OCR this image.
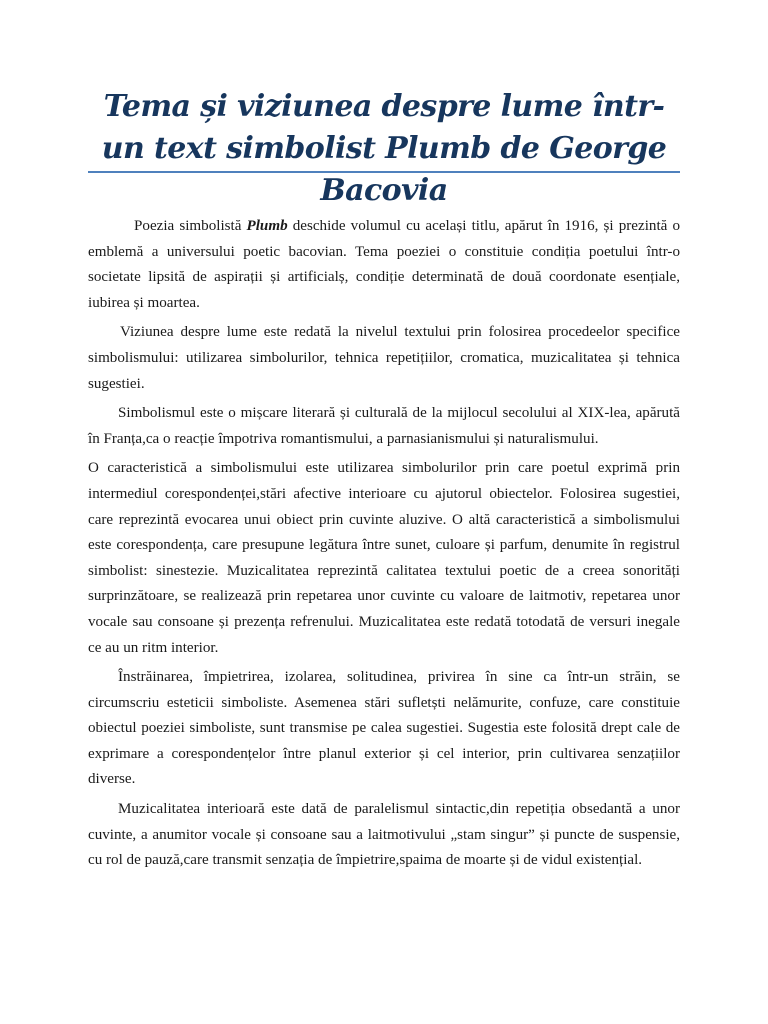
Tema și viziunea despre lume într-un text simbolist Plumb de George Bacovia

Poezia simbolistă Plumb deschide volumul cu același titlu, apărut în 1916, și prezintă o emblemă a universului poetic bacovian. Tema poeziei o constituie condiția poetului într-o societate lipsită de aspirații și artificialș, condiție determinată de două coordonate esențiale, iubirea și moartea.

Viziunea despre lume este redată la nivelul textului prin folosirea procedeelor specifice simbolismului: utilizarea simbolurilor, tehnica repetițiilor, cromatica, muzicalitatea și tehnica sugestiei.

Simbolismul este o mișcare literară și culturală de la mijlocul secolului al XIX-lea, apărută în Franța,ca o reacție împotriva romantismului, a parnasianismului și naturalismului.

O caracteristică a simbolismului este utilizarea simbolurilor prin care poetul exprimă prin intermediul corespondenței,stări afective interioare cu ajutorul obiectelor. Folosirea sugestiei, care reprezintă evocarea unui obiect prin cuvinte aluzive. O altă caracteristică a simbolismului este corespondența, care presupune legătura între sunet, culoare și parfum, denumite în registrul simbolist: sinestezie. Muzicalitatea reprezintă calitatea textului poetic de a creea sonorități surprinzătoare, se realizează prin repetarea unor cuvinte cu valoare de laitmotiv, repetarea unor vocale sau consoane și prezența refrenului. Muzicalitatea este redată totodată de versuri inegale ce au un ritm interior.

Înstrăinarea, împietrirea, izolarea, solitudinea, privirea în sine ca într-un străin, se circumscriu esteticii simboliste. Asemenea stări sufletști nelămurite, confuze, care constituie obiectul poeziei simboliste, sunt transmise pe calea sugestiei. Sugestia este folosită drept cale de exprimare a corespondențelor între planul exterior și cel interior, prin cultivarea senzațiilor diverse.

Muzicalitatea interioară este dată de paralelismul sintactic,din repetiția obsedantă a unor cuvinte, a anumitor vocale și consoane sau a laitmotivului „stam singur” și puncte de suspensie, cu rol de pauză,care transmit senzația de împietrire,spaima de moarte și de vidul existențial.
